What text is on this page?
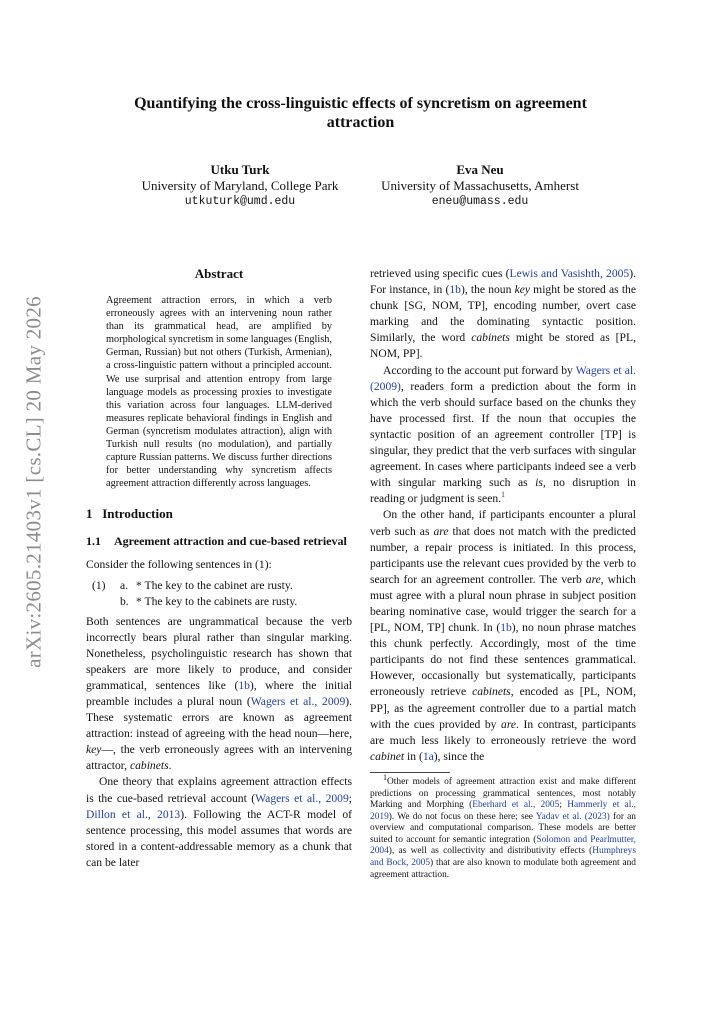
arXiv:2605.21403v1 [cs.CL] 20 May 2026
Quantifying the cross-linguistic effects of syncretism on agreement attraction
Utku Turk
University of Maryland, College Park
utkuturk@umd.edu
Eva Neu
University of Massachusetts, Amherst
eneu@umass.edu
Abstract

Agreement attraction errors, in which a verb erroneously agrees with an intervening noun rather than its grammatical head, are amplified by morphological syncretism in some languages (English, German, Russian) but not others (Turkish, Armenian), a cross-linguistic pattern without a principled account. We use surprisal and attention entropy from large language models as processing proxies to investigate this variation across four languages. LLM-derived measures replicate behavioral findings in English and German (syncretism modulates attraction), align with Turkish null results (no modulation), and partially capture Russian patterns. We discuss further directions for better understanding why syncretism affects agreement attraction differently across languages.

1 Introduction
1.1	Agreement attraction and cue-based retrieval

Consider the following sentences in (1):

(1)	a. * The key to the cabinet are rusty.
b. * The key to the cabinets are rusty.

Both sentences are ungrammatical because the verb incorrectly bears plural rather than singular marking. Nonetheless, psycholinguistic research has shown that speakers are more likely to produce, and consider grammatical, sentences like (1b), where the initial preamble includes a plural noun (Wagers et al., 2009). These systematic errors are known as agreement attraction: instead of agreeing with the head noun—here, key—, the verb erroneously agrees with an intervening attractor, cabinets.

One theory that explains agreement attraction effects is the cue-based retrieval account (Wagers et al., 2009; Dillon et al., 2013). Following the ACT-R model of sentence processing, this model assumes that words are stored in a content-addressable memory as a chunk that can be later

retrieved using specific cues (Lewis and Vasishth, 2005). For instance, in (1b), the noun key might be stored as the chunk [SG, NOM, TP], encoding number, overt case marking and the dominating syntactic position. Similarly, the word cabinets might be stored as [PL, NOM, PP].

According to the account put forward by Wagers et al. (2009), readers form a prediction about the form in which the verb should surface based on the chunks they have processed first. If the noun that occupies the syntactic position of an agreement controller [TP] is singular, they predict that the verb surfaces with singular agreement. In cases where participants indeed see a verb with singular marking such as is, no disruption in reading or judgment is seen.$^1$

On the other hand, if participants encounter a plural verb such as are that does not match with the predicted number, a repair process is initiated. In this process, participants use the relevant cues provided by the verb to search for an agreement controller. The verb are, which must agree with a plural noun phrase in subject position bearing nominative case, would trigger the search for a [PL, NOM, TP] chunk. In (1b), no noun phrase matches this chunk perfectly. Accordingly, most of the time participants do not find these sentences grammatical. However, occasionally but systematically, participants erroneously retrieve cabinets, encoded as [PL, NOM, PP], as the agreement controller due to a partial match with the cues provided by are. In contrast, participants are much less likely to erroneously retrieve the word cabinet in (1a), since the

$^1$Other models of agreement attraction exist and make different predictions on processing grammatical sentences, most notably Marking and Morphing (Eberhard et al., 2005; Hammerly et al., 2019). We do not focus on these here; see Yadav et al. (2023) for an overview and computational comparison. These models are better suited to account for semantic integration (Solomon and Pearlmutter, 2004), as well as collectivity and distributivity effects (Humphreys and Bock, 2005) that are also known to modulate both agreement and agreement attraction.
